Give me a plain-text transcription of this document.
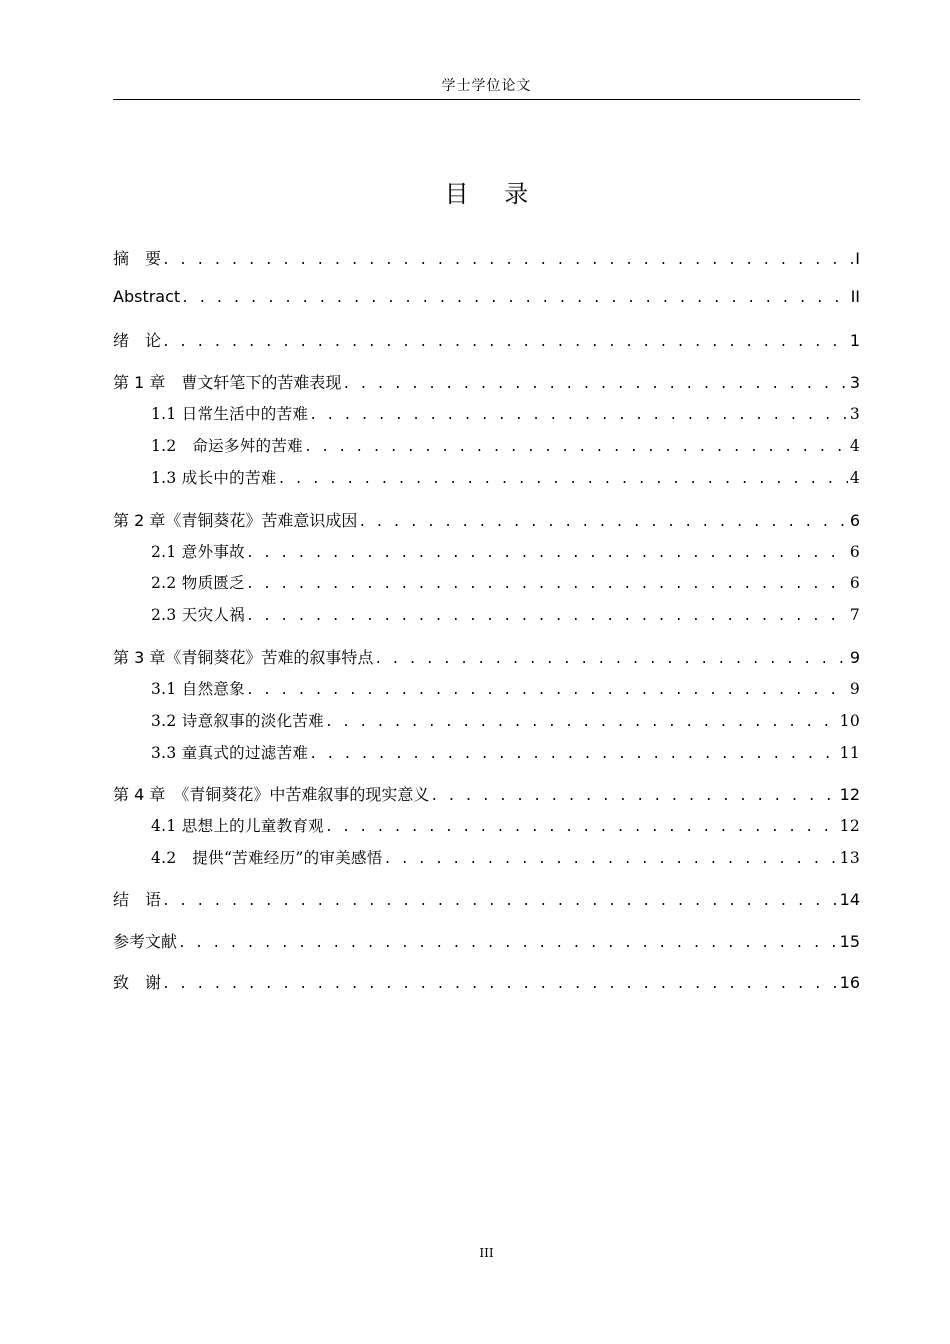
学士学位论文
目 录
摘　要 . . .	I
Abstract . . .	II
绪　论 . . .	1
第 1 章　曹文轩笔下的苦难表现 . . .	3
1.1 日常生活中的苦难 . . .	3
1.2　命运多舛的苦难 . . .	4
1.3 成长中的苦难 . . .	4
第 2 章《青铜葵花》苦难意识成因 . . .	6
2.1 意外事故 . . .	6
2.2 物质匮乏 . . .	6
2.3 天灾人祸 . . .	7
第 3 章《青铜葵花》苦难的叙事特点 . . .	9
3.1 自然意象 . . .	9
3.2 诗意叙事的淡化苦难 . . .	10
3.3 童真式的过滤苦难 . . .	11
第 4 章　《青铜葵花》中苦难叙事的现实意义 . . .	12
4.1 思想上的儿童教育观 . . .	12
4.2　提供“苦难经历”的审美感悟 . . .	13
结　语 . . .	14
参考文献 . . .	15
致　谢 . . .	16
III
